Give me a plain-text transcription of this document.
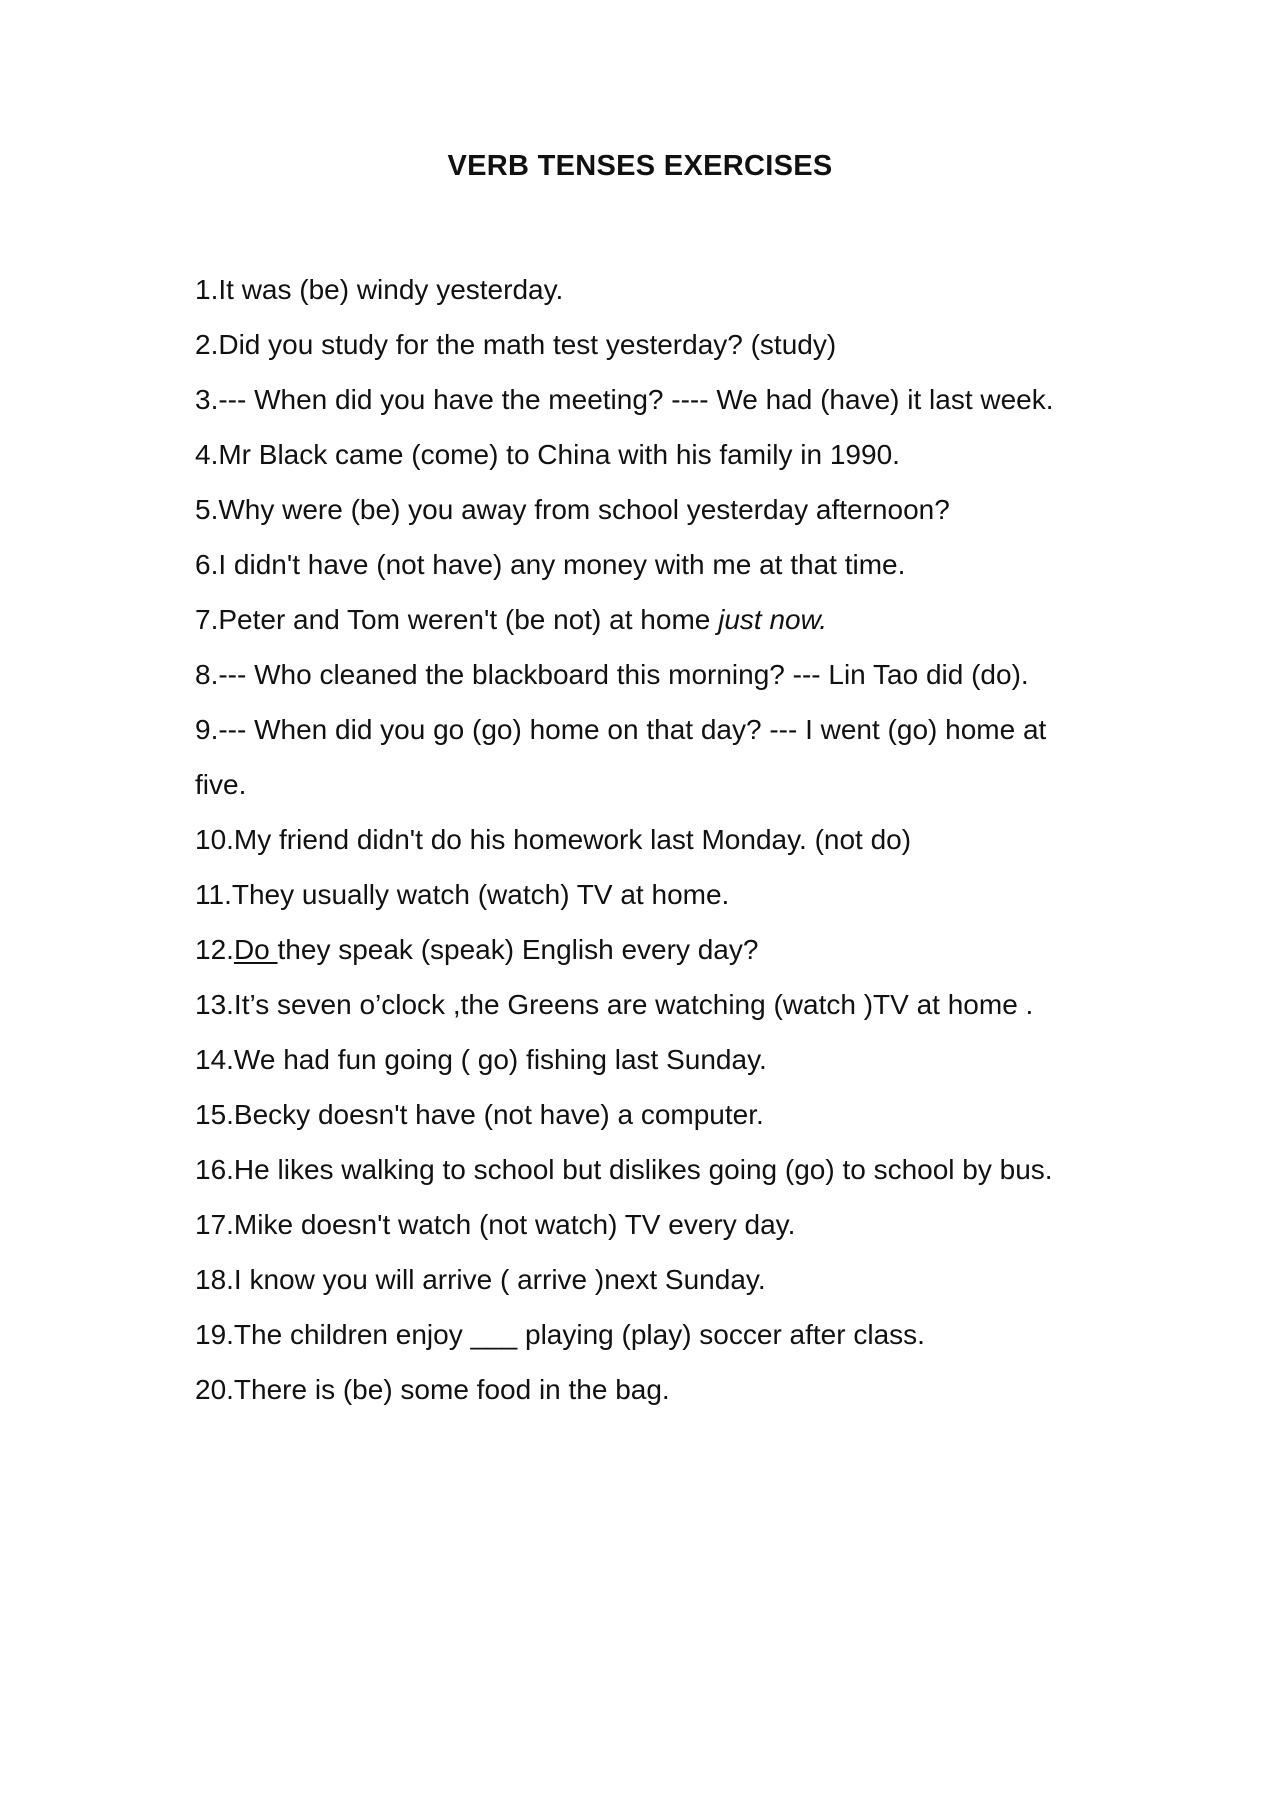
VERB TENSES EXERCISES
1.It was (be) windy yesterday.
2.Did you study for the math test yesterday? (study)
3.--- When did you have the meeting? ---- We had (have) it last week.
4.Mr Black came (come) to China with his family in 1990.
5.Why were (be) you away from school yesterday afternoon?
6.I didn't have (not have) any money with me at that time.
7.Peter and Tom weren't (be not) at home just now.
8.--- Who cleaned the blackboard this morning? --- Lin Tao did (do).
9.--- When did you go (go) home on that day? --- I went (go) home at five.
10.My friend didn't do his homework last Monday. (not do)
11.They usually watch (watch) TV at home.
12.Do they speak (speak) English every day?
13.It’s seven o’clock ,the Greens are watching (watch )TV at home .
14.We had fun going ( go) fishing last Sunday.
15.Becky doesn't have (not have) a computer.
16.He likes walking to school but dislikes going (go) to school by bus.
17.Mike doesn't watch (not watch) TV every day.
18.I know you will arrive ( arrive )next Sunday.
19.The children enjoy ___ playing (play) soccer after class.
20.There is (be) some food in the bag.
